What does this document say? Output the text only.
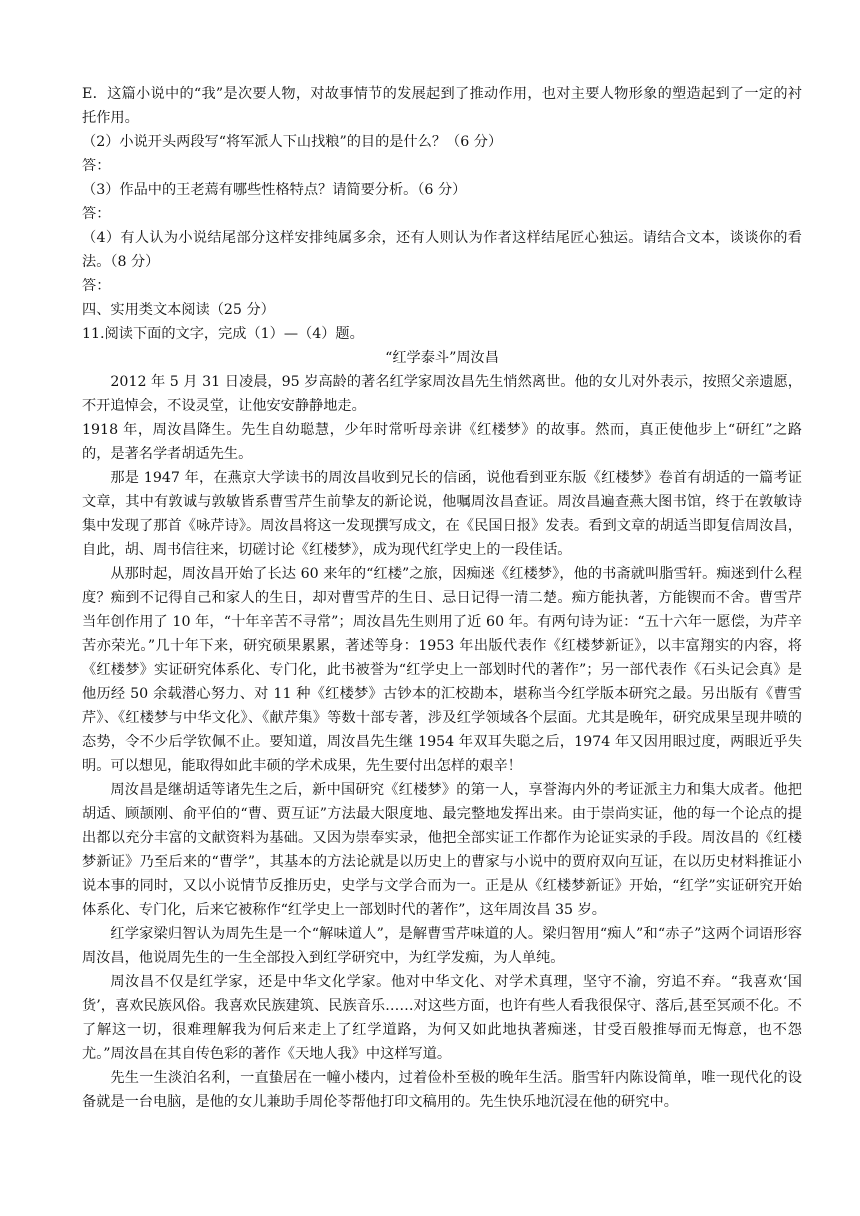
E．这篇小说中的“我”是次要人物，对故事情节的发展起到了推动作用，也对主要人物形象的塑造起到了一定的衬托作用。
（2）小说开头两段写“将军派人下山找粮”的目的是什么？（6 分）
答：
（3）作品中的王老蔫有哪些性格特点？请简要分析。（6 分）
答：
（4）有人认为小说结尾部分这样安排纯属多余，还有人则认为作者这样结尾匠心独运。请结合文本，谈谈你的看法。（8 分）
答：
四、实用类文本阅读（25 分）
11.阅读下面的文字，完成（1）—（4）题。
“红学泰斗”周汝昌
2012 年 5 月 31 日凌晨，95 岁高龄的著名红学家周汝昌先生悄然离世。他的女儿对外表示，按照父亲遗愿，不开追悼会，不设灵堂，让他安安静静地走。
1918 年，周汝昌降生。先生自幼聪慧，少年时常听母亲讲《红楼梦》的故事。然而，真正使他步上“研红”之路的，是著名学者胡适先生。
那是 1947 年，在燕京大学读书的周汝昌收到兄长的信函，说他看到亚东版《红楼梦》卷首有胡适的一篇考证文章，其中有敦诚与敦敏皆系曹雪芹生前挚友的新论说，他嘱周汝昌查证。周汝昌遍查燕大图书馆，终于在敦敏诗集中发现了那首《咏芹诗》。周汝昌将这一发现撰写成文，在《民国日报》发表。看到文章的胡适当即复信周汝昌，自此，胡、周书信往来，切磋讨论《红楼梦》，成为现代红学史上的一段佳话。
从那时起，周汝昌开始了长达 60 来年的“红楼”之旅，因痴迷《红楼梦》，他的书斋就叫脂雪轩。痴迷到什么程度？痴到不记得自己和家人的生日，却对曹雪芹的生日、忌日记得一清二楚。痴方能执著，方能锲而不舍。曹雪芹当年创作用了 10 年，“十年辛苦不寻常”；周汝昌先生则用了近 60 年。有两句诗为证：“五十六年一愿偿，为芹辛苦亦荣光。”几十年下来，研究硕果累累，著述等身：1953 年出版代表作《红楼梦新证》，以丰富翔实的内容，将《红楼梦》实证研究体系化、专门化，此书被誉为“红学史上一部划时代的著作”；另一部代表作《石头记会真》是他历经 50 余载潜心努力、对 11 种《红楼梦》古钞本的汇校勘本，堪称当今红学版本研究之最。另出版有《曹雪芹》、《红楼梦与中华文化》、《献芹集》等数十部专著，涉及红学领域各个层面。尤其是晚年，研究成果呈现井喷的态势，令不少后学钦佩不止。要知道，周汝昌先生继 1954 年双耳失聪之后，1974 年又因用眼过度，两眼近乎失明。可以想见，能取得如此丰硕的学术成果，先生要付出怎样的艰辛！
周汝昌是继胡适等诸先生之后，新中国研究《红楼梦》的第一人，享誉海内外的考证派主力和集大成者。他把胡适、顾颉刚、俞平伯的“曹、贾互证”方法最大限度地、最完整地发挥出来。由于崇尚实证，他的每一个论点的提出都以充分丰富的文献资料为基础。又因为崇奉实录，他把全部实证工作都作为论证实录的手段。周汝昌的《红楼梦新证》乃至后来的“曹学”，其基本的方法论就是以历史上的曹家与小说中的贾府双向互证，在以历史材料推证小说本事的同时，又以小说情节反推历史，史学与文学合而为一。正是从《红楼梦新证》开始，“红学”实证研究开始体系化、专门化，后来它被称作“红学史上一部划时代的著作”，这年周汝昌 35 岁。
红学家梁归智认为周先生是一个“解味道人”，是解曹雪芹味道的人。梁归智用“痴人”和“赤子”这两个词语形容周汝昌，他说周先生的一生全部投入到红学研究中，为红学发痴，为人单纯。
周汝昌不仅是红学家，还是中华文化学家。他对中华文化、对学术真理，坚守不渝，穷追不弃。“我喜欢‘国货’，喜欢民族风俗。我喜欢民族建筑、民族音乐……对这些方面，也许有些人看我很保守、落后,甚至冥顽不化。不了解这一切，很难理解我为何后来走上了红学道路，为何又如此地执著痴迷，甘受百般推辱而无悔意，也不怨尤。”周汝昌在其自传色彩的著作《天地人我》中这样写道。
先生一生淡泊名利，一直蛰居在一幢小楼内，过着俭朴至极的晚年生活。脂雪轩内陈设简单，唯一现代化的设备就是一台电脑，是他的女儿兼助手周伦苓帮他打印文稿用的。先生快乐地沉浸在他的研究中。
